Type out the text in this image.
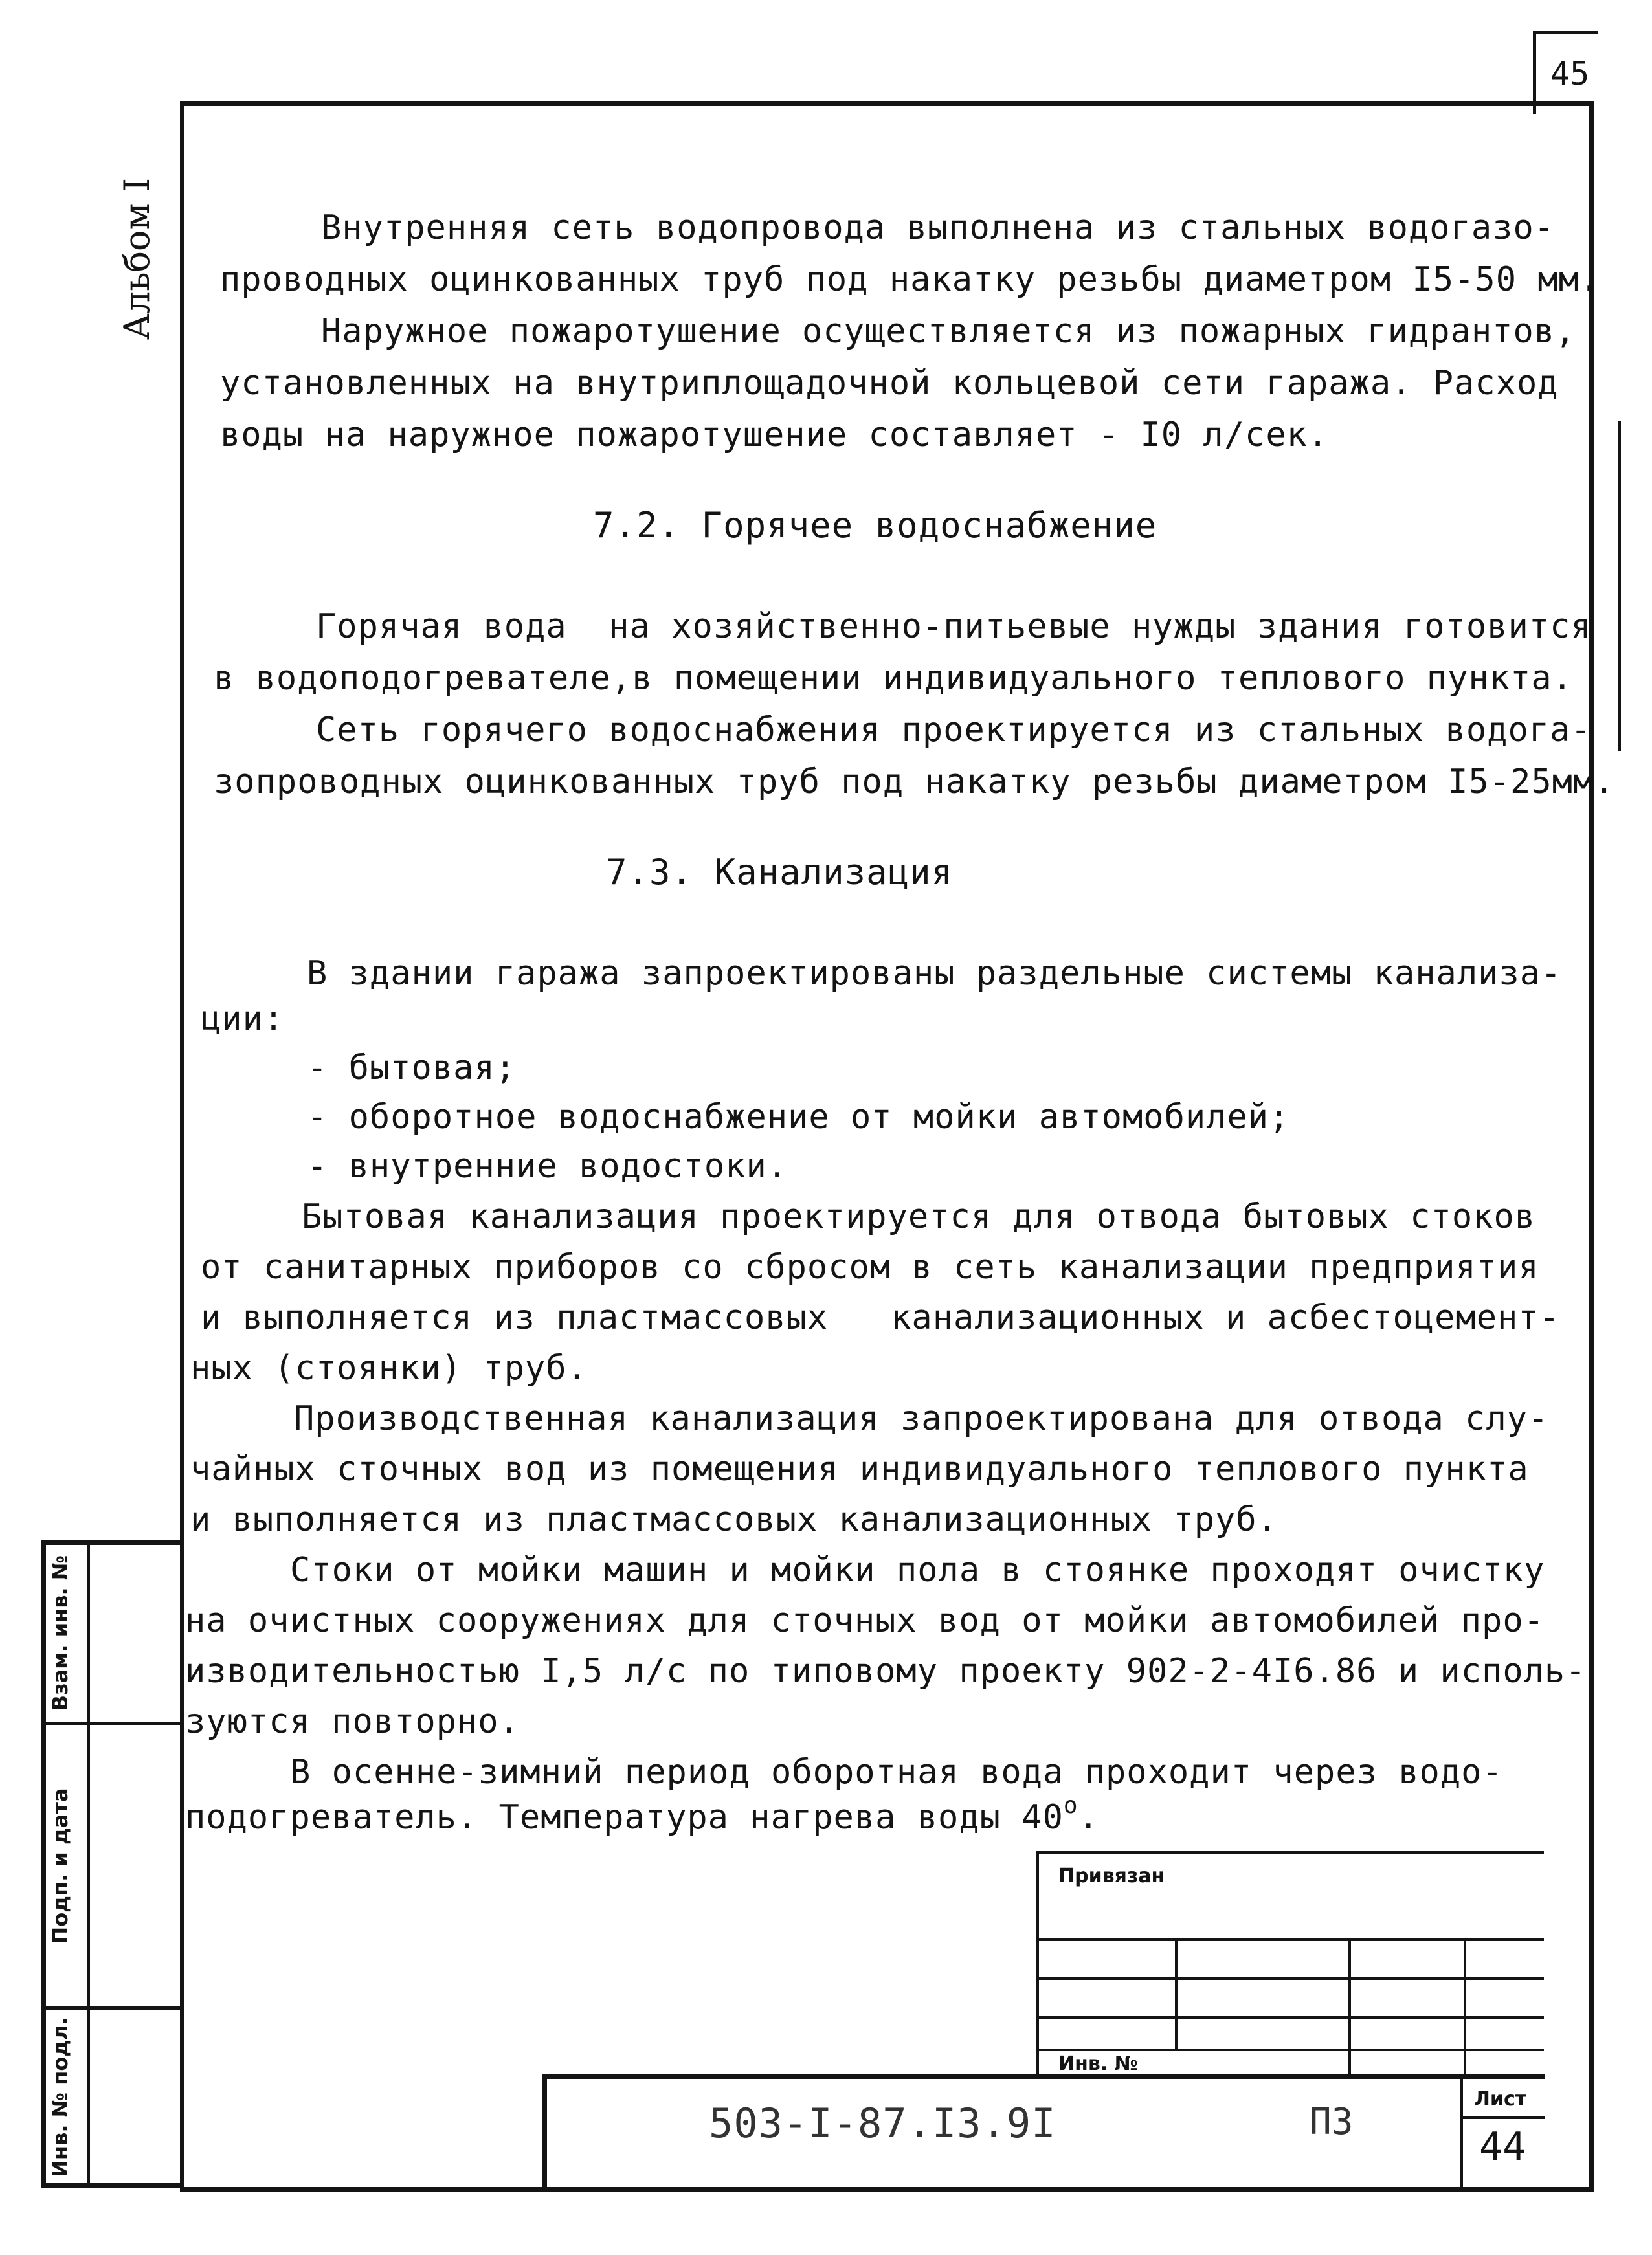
45
Альбом I
Взам. инв. №
Подп. и дата
Инв. № подл.
Внутренняя сеть водопровода выполнена из стальных водогазо-
проводных оцинкованных труб под накатку резьбы диаметром I5-50 мм.
Наружное пожаротушение осуществляется из пожарных гидрантов,
установленных на внутриплощадочной кольцевой сети гаража. Расход
воды на наружное пожаротушение составляет - I0 л/сек.
7.2. Горячее водоснабжение
Горячая вода  на хозяйственно-питьевые нужды здания готовится
в водоподогревателе,в помещении индивидуального теплового пункта.
Сеть горячего водоснабжения проектируется из стальных водога-
зопроводных оцинкованных труб под накатку резьбы диаметром I5-25мм.
7.3. Канализация
В здании гаража запроектированы раздельные системы канализа-
ции:
- бытовая;
- оборотное водоснабжение от мойки автомобилей;
- внутренние водостоки.
Бытовая канализация проектируется для отвода бытовых стоков
от санитарных приборов со сбросом в сеть канализации предприятия
и выполняется из пластмассовых   канализационных и асбестоцемент-
ных (стоянки) труб.
Производственная канализация запроектирована для отвода слу-
чайных сточных вод из помещения индивидуального теплового пункта
и выполняется из пластмассовых канализационных труб.
Стоки от мойки машин и мойки пола в стоянке проходят очистку
на очистных сооружениях для сточных вод от мойки автомобилей про-
изводительностью I,5 л/с по типовому проекту 902-2-4I6.86 и исполь-
зуются повторно.
В осенне-зимний период оборотная вода проходит через водо-
подогреватель. Температура нагрева воды $40^о$.
Привязан
Инв. №
503-I-87.I3.9I	ПЗ
Лист
44
